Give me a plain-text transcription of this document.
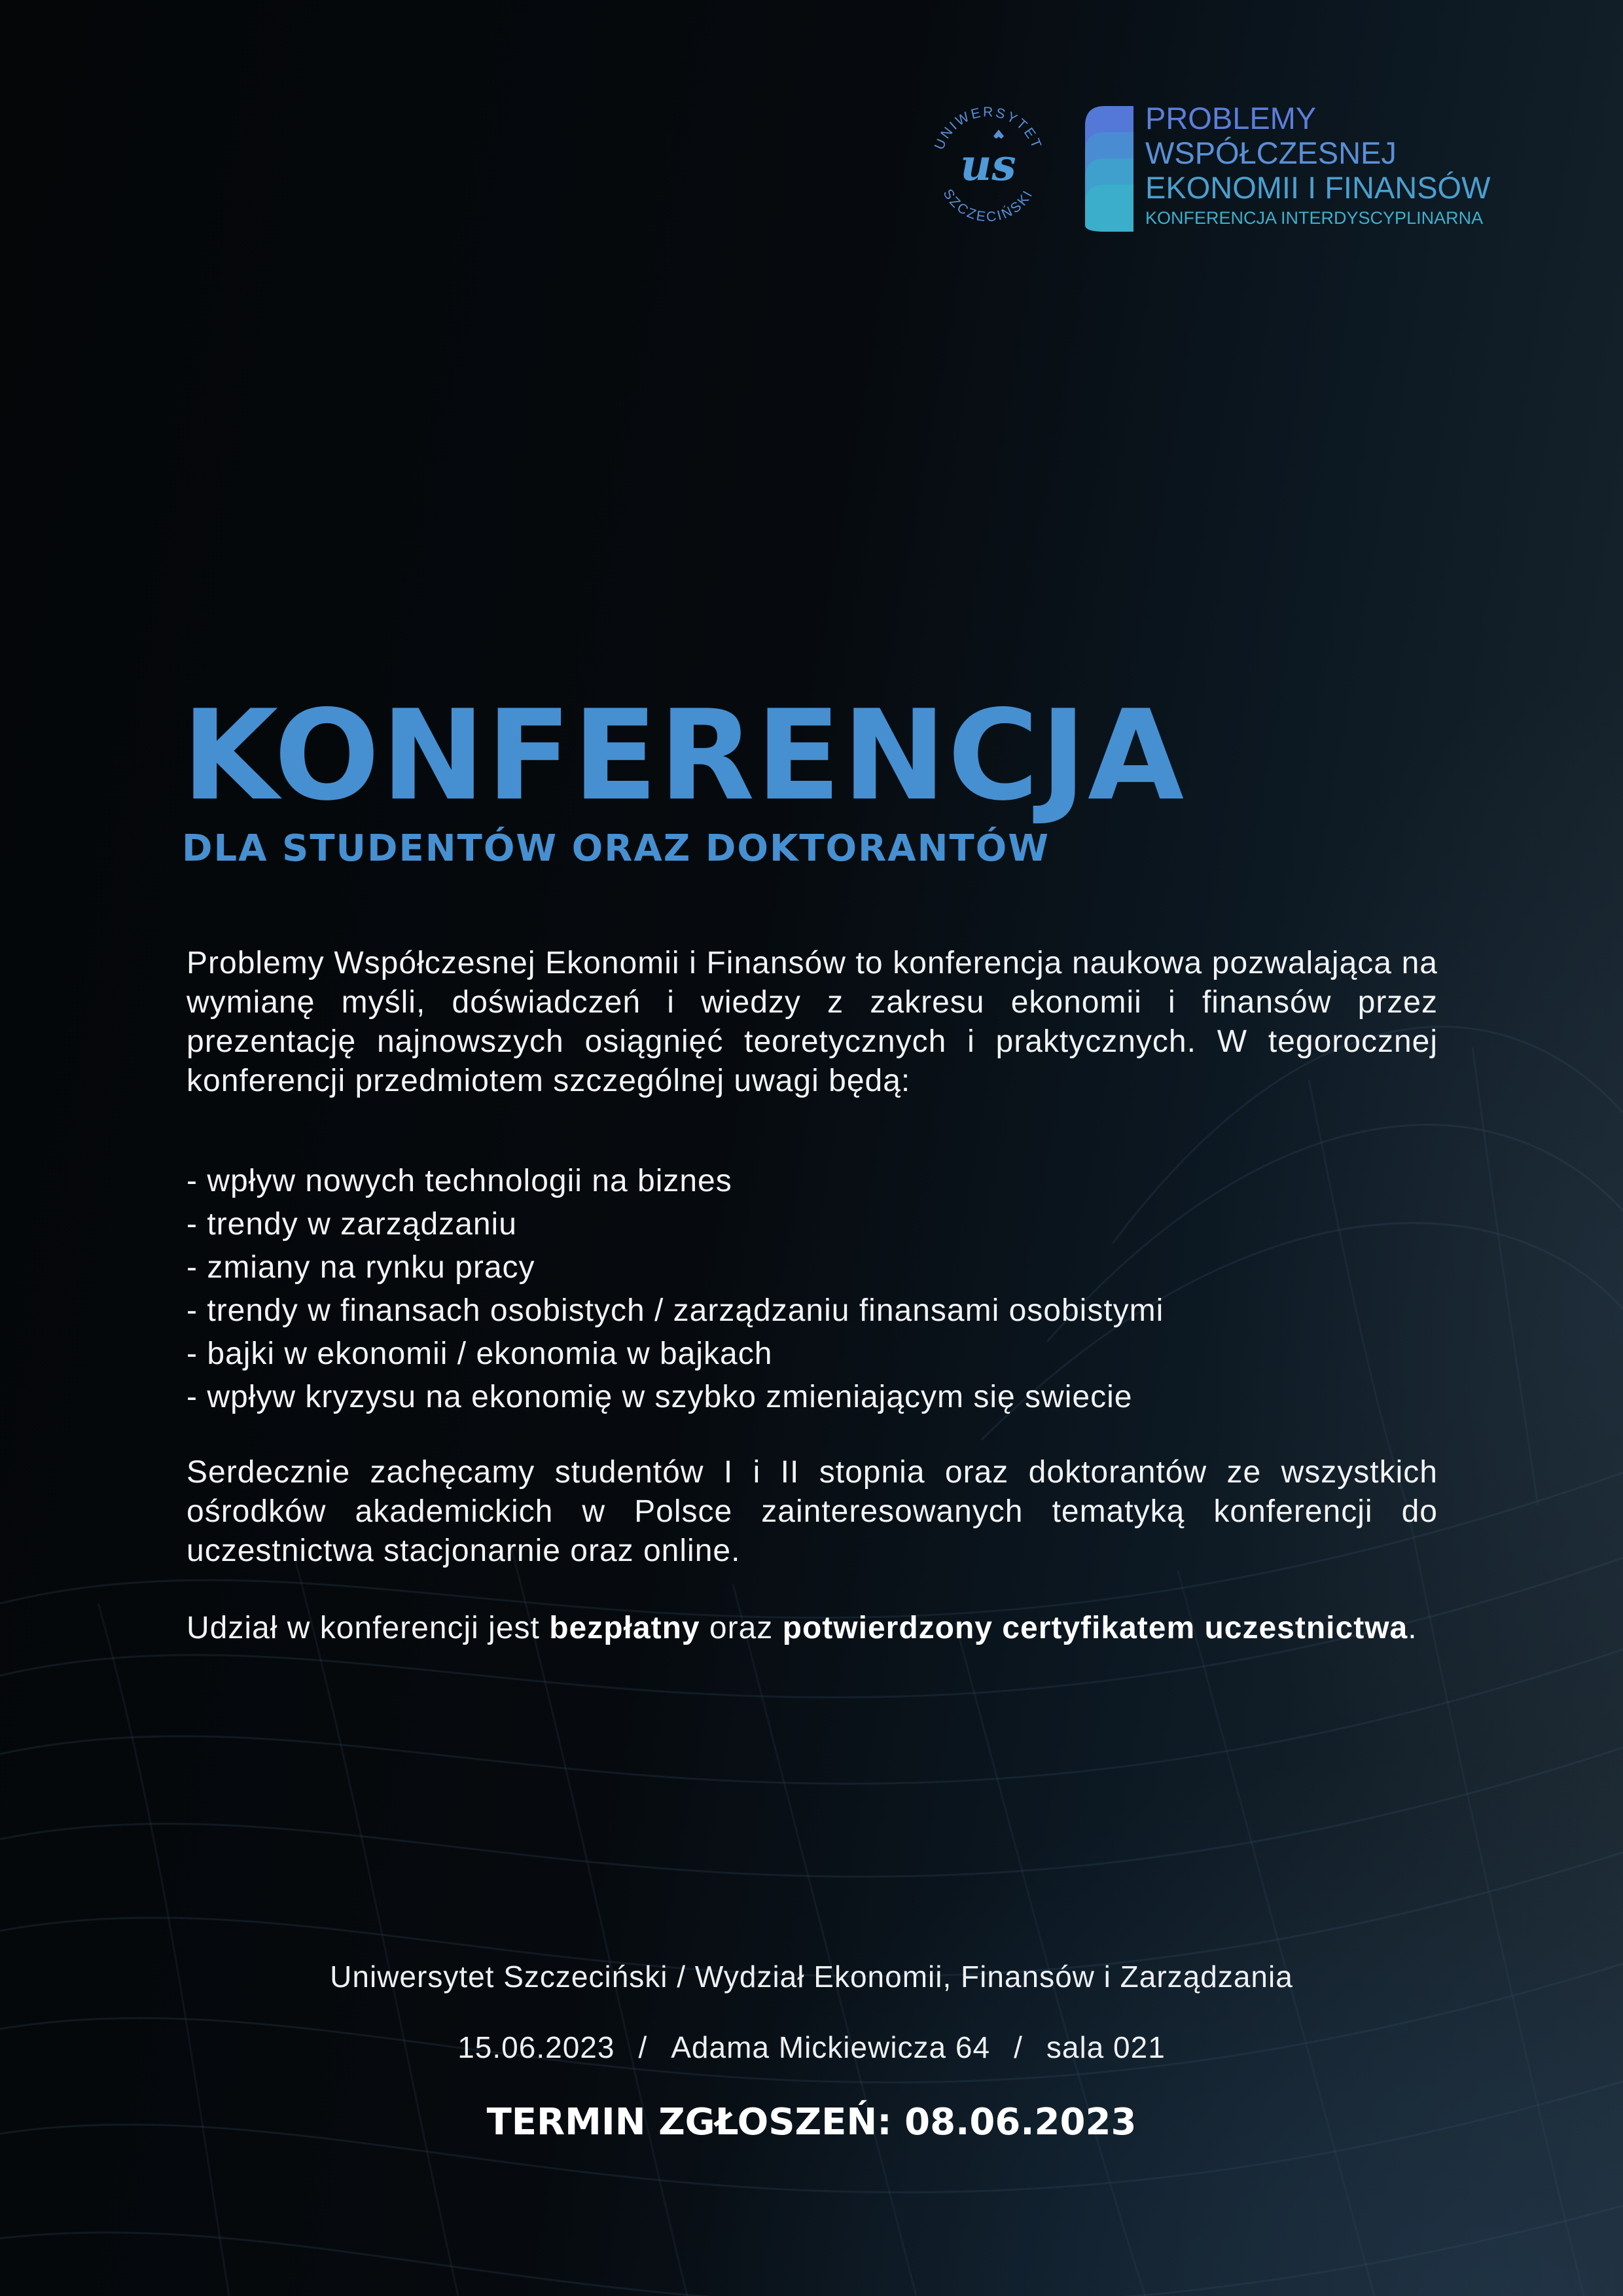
UNIWERSYTET
SZCZECIŃSKI
us
PROBLEMY
WSPÓŁCZESNEJ
EKONOMII I FINANSÓW
KONFERENCJA INTERDYSCYPLINARNA
KONFERENCJA
DLA STUDENTÓW ORAZ DOKTORANTÓW

Problemy Współczesnej Ekonomii i Finansów to konferencja naukowa pozwalająca na wymianę myśli, doświadczeń i wiedzy z zakresu ekonomii i finansów przez prezentację najnowszych osiągnięć teoretycznych i praktycznych. W tegorocznej konferencji przedmiotem szczególnej uwagi będą:

- wpływ nowych technologii na biznes
- trendy w zarządzaniu
- zmiany na rynku pracy
- trendy w finansach osobistych / zarządzaniu finansami osobistymi
- bajki w ekonomii / ekonomia w bajkach
- wpływ kryzysu na ekonomię w szybko zmieniającym się swiecie

Serdecznie zachęcamy studentów I i II stopnia oraz doktorantów ze wszystkich ośrodków akademickich w Polsce zainteresowanych tematyką konferencji do uczestnictwa stacjonarnie oraz online.

Udział w konferencji jest bezpłatny oraz potwierdzony certyfikatem uczestnictwa.

Uniwersytet Szczeciński / Wydział Ekonomii, Finansów i Zarządzania
15.06.2023 / Adama Mickiewicza 64 / sala 021
TERMIN ZGŁOSZEŃ: 08.06.2023
